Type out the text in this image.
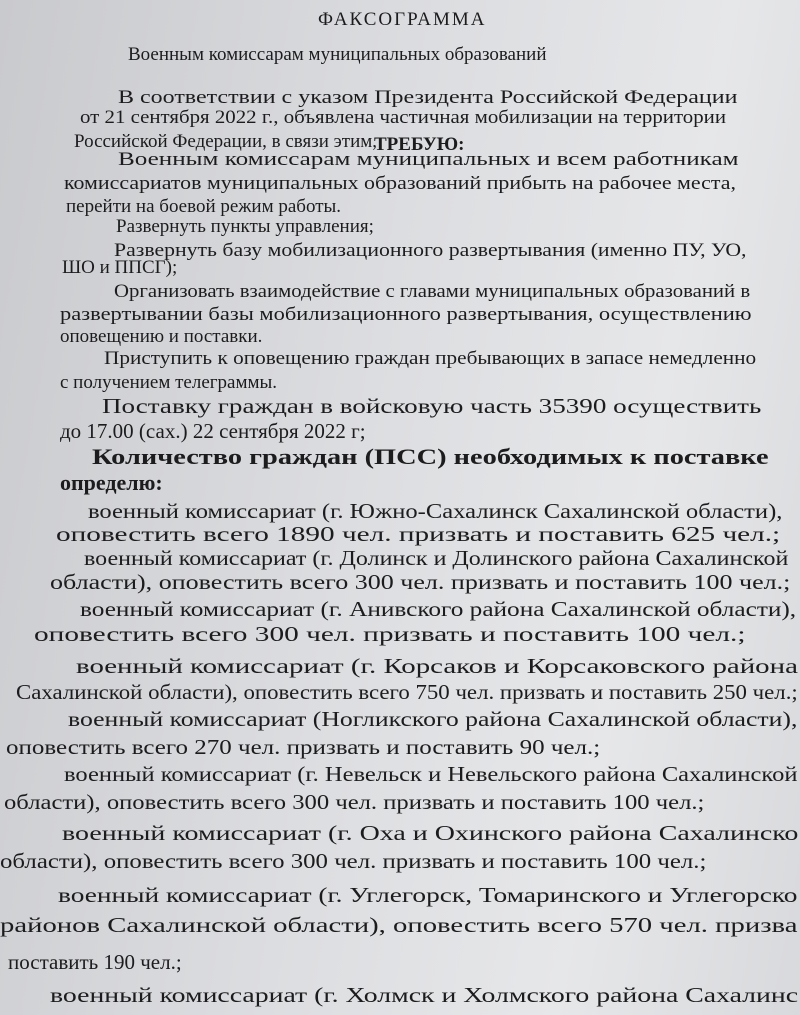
ФАКСОГРАММА
Военным комиссарам муниципальных образований
В соответствии с указом Президента Российской Федерации
от 21 сентября 2022 г., объявлена частичная мобилизации на территории
Российской Федерации, в связи этим,
ТРЕБУЮ:
Военным комиссарам муниципальных и всем работникам
комиссариатов муниципальных образований прибыть на рабочее места,
перейти на боевой режим работы.
Развернуть пункты управления;
Развернуть базу мобилизационного развертывания (именно ПУ, УО,
ШО и ППСГ);
Организовать взаимодействие с главами муниципальных образований в
развертывании базы мобилизационного развертывания, осуществлению
оповещению и поставки.
Приступить к оповещению граждан пребывающих в запасе немедленно
с получением телеграммы.
Поставку граждан в войсковую часть 35390 осуществить
до 17.00 (сах.) 22 сентября 2022 г;
Количество граждан (ПСС) необходимых к поставке
определю:
военный комиссариат (г. Южно-Сахалинск Сахалинской области),
оповестить всего 1890 чел. призвать и поставить 625 чел.;
военный комиссариат (г. Долинск и Долинского района Сахалинской
области), оповестить всего 300 чел. призвать и поставить 100 чел.;
военный комиссариат (г. Анивского района Сахалинской области),
оповестить всего 300 чел. призвать и поставить 100 чел.;
военный комиссариат (г. Корсаков и Корсаковского района
Сахалинской области), оповестить всего 750 чел. призвать и поставить 250 чел.;
военный комиссариат (Ногликского района Сахалинской области),
оповестить всего 270 чел. призвать и поставить 90 чел.;
военный комиссариат (г. Невельск и Невельского района Сахалинской
области), оповестить всего 300 чел. призвать и поставить 100 чел.;
военный комиссариат (г. Оха и Охинского района Сахалинско
области), оповестить всего 300 чел. призвать и поставить 100 чел.;
военный комиссариат (г. Углегорск, Томаринского и Углегорско
районов Сахалинской области), оповестить всего 570 чел. призва
поставить 190 чел.;
военный комиссариат (г. Холмск и Холмского района Сахалинс
